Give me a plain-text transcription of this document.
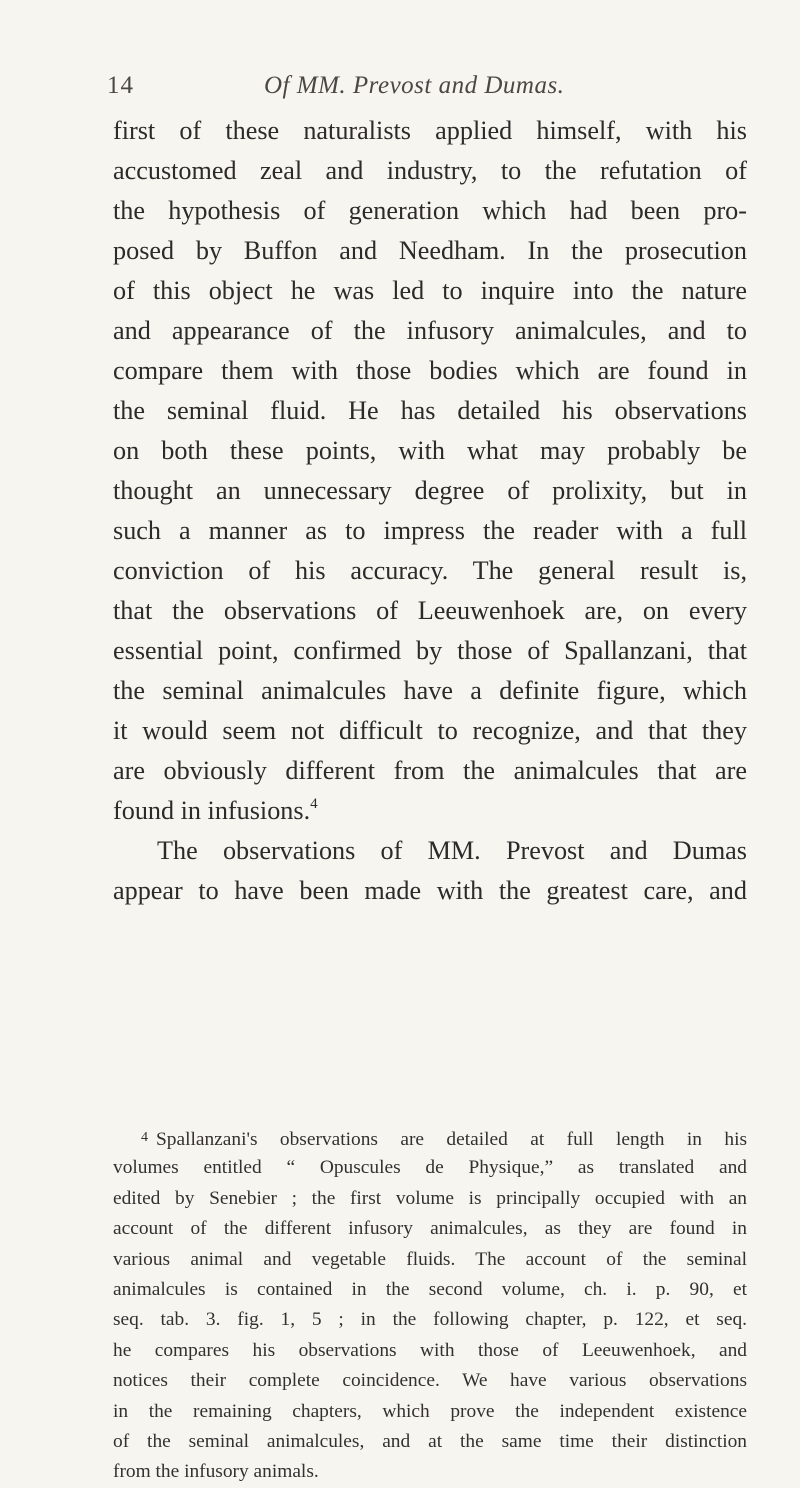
14	Of MM. Prevost and Dumas.
first of these naturalists applied himself, with his
accustomed zeal and industry, to the refutation of
the hypothesis of generation which had been pro-
posed by Buffon and Needham. In the prosecution
of this object he was led to inquire into the nature
and appearance of the infusory animalcules, and to
compare them with those bodies which are found in
the seminal fluid. He has detailed his observations
on both these points, with what may probably be
thought an unnecessary degree of prolixity, but in
such a manner as to impress the reader with a full
conviction of his accuracy. The general result is,
that the observations of Leeuwenhoek are, on every
essential point, confirmed by those of Spallanzani, that
the seminal animalcules have a definite figure, which
it would seem not difficult to recognize, and that they
are obviously different from the animalcules that are
found in infusions.$^4$
The observations of MM. Prevost and Dumas
appear to have been made with the greatest care, and
$^4$ Spallanzani's observations are detailed at full length in his
volumes entitled “ Opuscules de Physique,” as translated and
edited by Senebier ; the first volume is principally occupied with an
account of the different infusory animalcules, as they are found in
various animal and vegetable fluids. The account of the seminal
animalcules is contained in the second volume, ch. i. p. 90, et
seq. tab. 3. fig. 1, 5 ; in the following chapter, p. 122, et seq.
he compares his observations with those of Leeuwenhoek, and
notices their complete coincidence. We have various observations
in the remaining chapters, which prove the independent existence
of the seminal animalcules, and at the same time their distinction
from the infusory animals.
